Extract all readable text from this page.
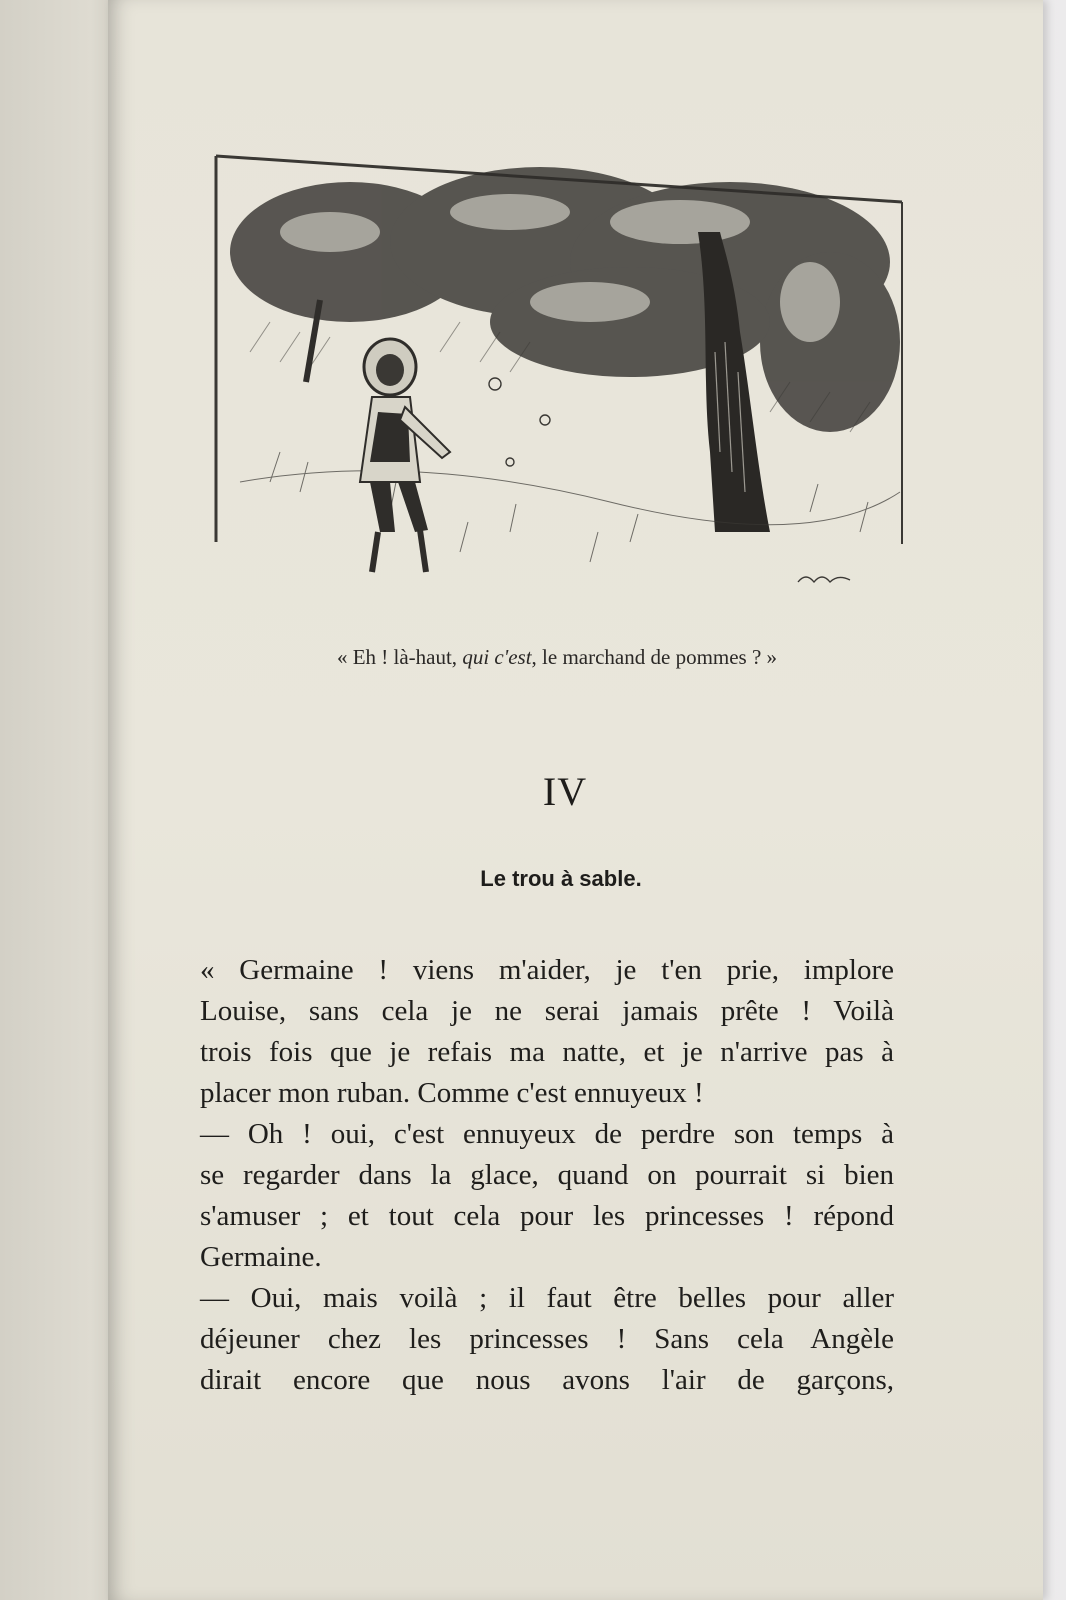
« Eh ! là-haut, qui c'est, le marchand de pommes ? »
IV
Le trou à sable.
« Germaine ! viens m'aider, je t'en prie, implore
Louise, sans cela je ne serai jamais prête ! Voilà
trois fois que je refais ma natte, et je n'arrive pas à
placer mon ruban. Comme c'est ennuyeux !
— Oh ! oui, c'est ennuyeux de perdre son temps à
se regarder dans la glace, quand on pourrait si bien
s'amuser ; et tout cela pour les princesses ! répond
Germaine.
— Oui, mais voilà ; il faut être belles pour aller
déjeuner chez les princesses ! Sans cela Angèle
dirait encore que nous avons l'air de garçons,
